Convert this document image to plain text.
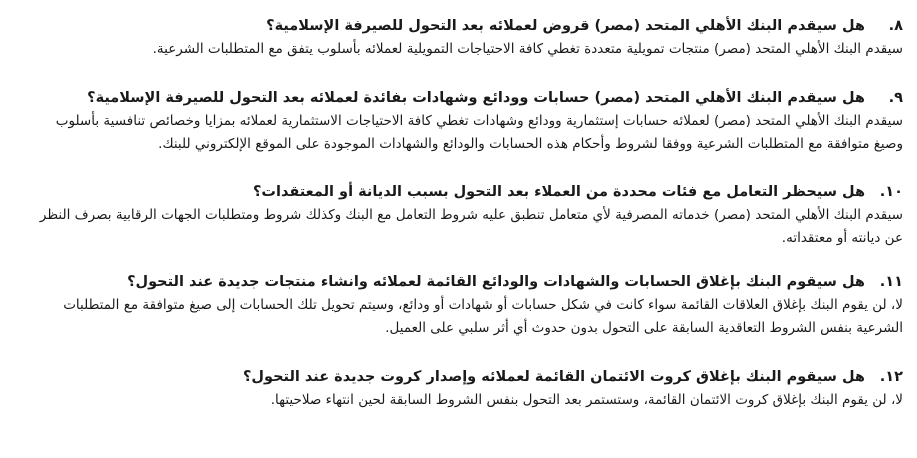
٨.
هل سيقدم البنك الأهلي المتحد (مصر) قروض لعملائه بعد التحول للصيرفة الإسلامية؟
سيقدم البنك الأهلي المتحد (مصر) منتجات تمويلية متعددة تغطي كافة الاحتياجات التمويلية لعملائه بأسلوب يتفق مع المتطلبات الشرعية.
٩.
هل سيقدم البنك الأهلي المتحد (مصر) حسابات وودائع وشهادات بفائدة لعملائه بعد التحول للصيرفة الإسلامية؟
سيقدم البنك الأهلي المتحد (مصر) لعملائه حسابات إستثمارية وودائع وشهادات تغطي كافة الاحتياجات الاستثمارية لعملائه بمزايا وخصائص تنافسية بأسلوب وصيغ متوافقة مع المتطلبات الشرعية ووفقا لشروط وأحكام هذه الحسابات والودائع والشهادات الموجودة على الموقع الإلكتروني للبنك.
١٠.
هل سيحظر التعامل مع فئات محددة من العملاء بعد التحول بسبب الديانة أو المعتقدات؟
سيقدم البنك الأهلي المتحد (مصر) خدماته المصرفية لأي متعامل تنطبق عليه شروط التعامل مع البنك وكذلك شروط ومتطلبات الجهات الرقابية بصرف النظر عن ديانته أو معتقداته.
١١.
هل سيقوم البنك بإغلاق الحسابات والشهادات والودائع القائمة لعملائه وانشاء منتجات جديدة عند التحول؟
لا، لن يقوم البنك بإغلاق العلاقات القائمة سواء كانت في شكل حسابات أو شهادات أو ودائع، وسيتم تحويل تلك الحسابات إلى صيغ متوافقة مع المتطلبات الشرعية بنفس الشروط التعاقدية السابقة على التحول بدون حدوث أي أثر سلبي على العميل.
١٢.
هل سيقوم البنك بإغلاق كروت الائتمان القائمة لعملائه وإصدار كروت جديدة عند التحول؟
لا، لن يقوم البنك بإغلاق كروت الائتمان القائمة، وستستمر بعد التحول بنفس الشروط السابقة لحين انتهاء صلاحيتها.
